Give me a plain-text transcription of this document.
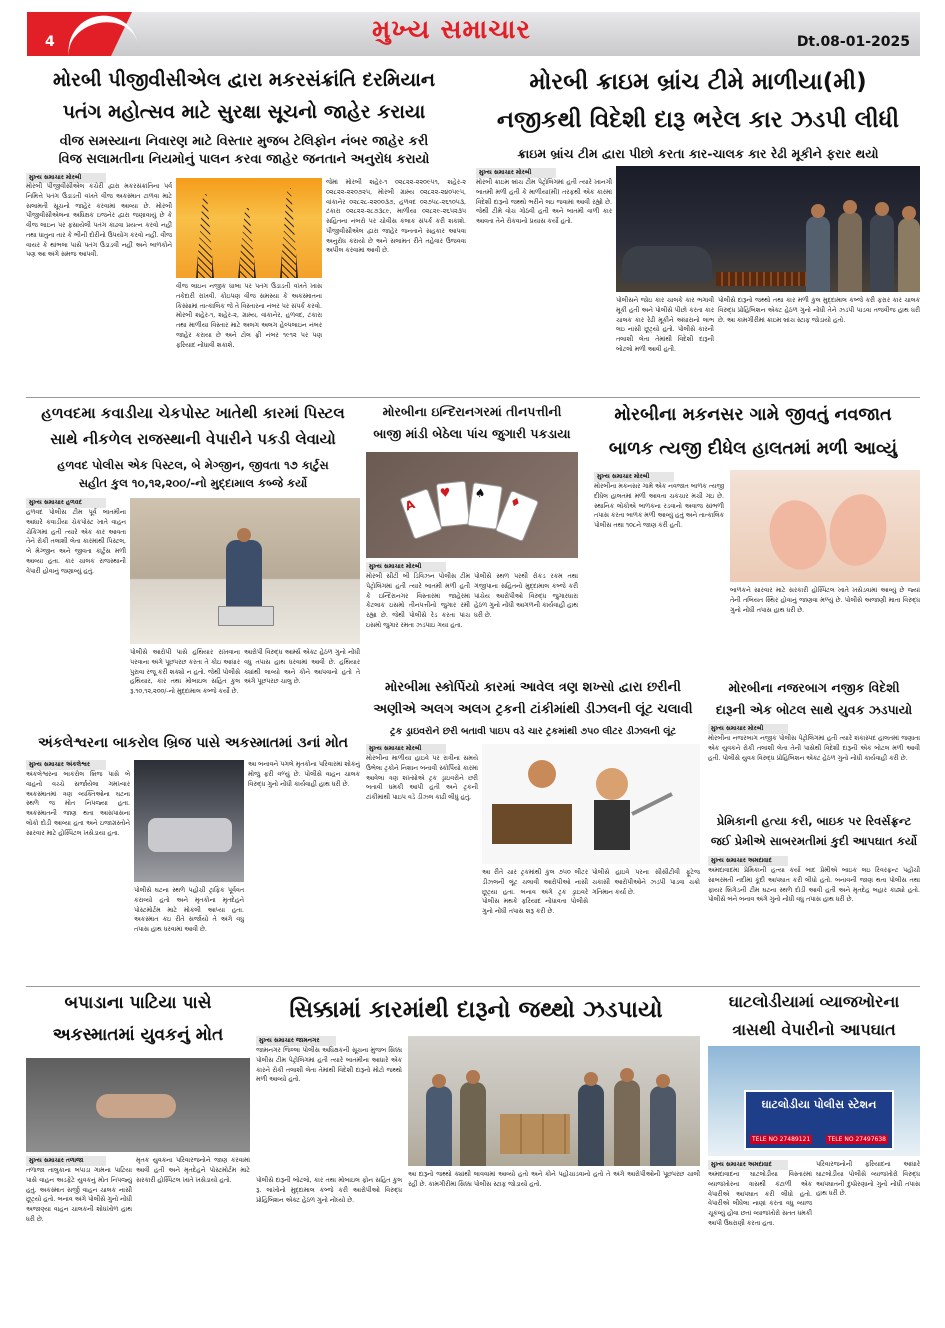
4	મુખ્ય સમાચાર	Dt.08-01-2025
મોરબી પીજીવીસીએલ દ્વારા મકરસંક્રાંતિ દરમિયાન
પતંગ મહોત્સવ માટે સુરક્ષા સૂચનો જાહેર કરાયા
વીજ સમસ્યાના નિવારણ માટે વિસ્તાર મુજબ ટેલિફોન નંબર જાહેર કરી
વિજ સલામતીના નિયમોનું પાલન કરવા જાહેર જનતાને અનુરોધ કરાયો
મુખ્ય સમાચાર મોરબી
મોરબી પીજીવીસીએલ કચેરી દ્વારા મકરસંક્રાંતિના પર્વ નિમિત્તે પતંગ ઉડાડતી વખતે વીજ અકસ્માત ટાળવા માટે સલામતી સૂચનો જાહેર કરવામાં આવ્યા છે. મોરબી પીજીવીસીએલના અધિક્ષક ઇજનેર દ્વારા જણાવાયું છે કે વીજ લાઇન પર ફસાયેલી પતંગ કાઢવા પ્રયત્ન કરવો નહીં તથા ધાતુના તાર કે ભીની દોરીનો ઉપયોગ કરવો નહીં. વીજ વાયર કે થાંભલા પાસે પતંગ ઉડાડવી નહીં અને બાળકોને પણ આ અંગે સમજ આપવી.
વીજ લાઇન નજીક ધાબા પર પતંગ ઉડાડતી વખતે ખાસ તકેદારી રાખવી. કોઇપણ વીજ સમસ્યા કે અકસ્માતના કિસ્સામાં તાત્કાલિક જે તે વિસ્તારના નંબર પર સંપર્ક કરવો. મોરબી શહેર-૧, શહેર-૨, ગ્રામ્ય, વાંકાનેર, હળવદ, ટંકારા તથા માળીયા વિસ્તાર માટે અલગ અલગ હેલ્પલાઇન નંબર જાહેર કરાયા છે અને ટોલ ફ્રી નંબર ૧૯૧૨ પર પણ ફરિયાદ નોંધાવી શકાશે.
જેમાં મોરબી શહેર-૧ ૦૨૮૨૨-૨૨૦૯૫૧, શહેર-૨ ૦૨૮૨૨-૨૨૦૭૨૫, મોરબી ગ્રામ્ય ૦૨૮૨૨-૨૪૦૫૯૫, વાંકાનેર ૦૨૮૨૮-૨૨૦૦૩૭, હળવદ ૦૨૭૫૮-૨૬૧૦૫૩, ટંકારા ૦૨૮૨૨-૨૮૭૩૮૯, માળીયા ૦૨૮૨૯-૨૬૫૨૩૫ સહિતના નંબરો પર ચોવીસ કલાક સંપર્ક કરી શકાશે. પીજીવીસીએલ દ્વારા જાહેર જનતાને સહકાર આપવા અનુરોધ કરાયો છે અને સલામત રીતે તહેવાર ઉજવવા અપીલ કરવામાં આવી છે.
મોરબી ક્રાઇમ બ્રાંચ ટીમે માળીયા(મી)
નજીકથી વિદેશી દારૂ ભરેલ કાર ઝડપી લીધી
ક્રાઇમ બ્રાંચ ટીમ દ્વારા પીછો કરતા કાર-ચાલક કાર રેઢી મૂકીને ફરાર થયો
મુખ્ય સમાચાર મોરબી
મોરબી ક્રાઇમ બ્રાંચ ટીમ પેટ્રોલિંગમાં હતી ત્યારે ખાનગી બાતમી મળી હતી કે માળીયા(મી) તરફથી એક કારમાં વિદેશી દારૂનો જથ્થો ભરીને લઇ જવામાં આવી રહ્યો છે. જેથી ટીમે વોચ ગોઠવી હતી અને બાતમી વાળી કાર આવતા તેને રોકવાનો પ્રયાસ કર્યો હતો.
પોલીસને જોઇ કાર ચાલકે કાર ભગાવી મૂકી હતી અને પોલીસે પીછો કરતા કાર ચાલક કાર રેઢી મૂકીને અંધારાનો લાભ લઇ નાસી છૂટ્યો હતો. પોલીસે કારની તલાશી લેતા તેમાંથી વિદેશી દારૂની બોટલો મળી આવી હતી.
પોલીસે દારૂનો જથ્થો તથા કાર મળી કુલ મુદ્દામાલ કબ્જે કરી ફરાર કાર ચાલક વિરુદ્ધ પ્રોહિબિશન એક્ટ હેઠળ ગુનો નોંધી તેને ઝડપી પાડવા તજવીજ હાથ ધરી છે. આ કામગીરીમાં ક્રાઇમ બ્રાંચ સ્ટાફ જોડાયો હતો.
હળવદમા કવાડીયા ચેકપોસ્ટ ખાતેથી કારમાં પિસ્ટલ
સાથે નીકળેલ રાજસ્થાની વેપારીને પકડી લેવાયો
હળવદ પોલીસ એક પિસ્ટલ, બે મેગ્જીન, જીવતા ૧૭ કાર્ટુસ
સહીત કુલ ૧૦,૧૨,૨૦૦/-નો મુદ્દામાલ કબ્જે કર્યો
મુખ્ય સમાચાર હળવદ
હળવદ પોલીસ ટીમ પૂર્વ બાતમીના આધારે કવાડીયા ચેકપોસ્ટ ખાતે વાહન ચેકિંગમાં હતી ત્યારે એક કાર આવતા તેને રોકી તલાશી લેતા કારમાંથી પિસ્ટલ, બે મેગ્જીન અને જીવતા કાર્ટુસ મળી આવ્યા હતા. કાર ચાલક રાજસ્થાની વેપારી હોવાનું જણાવ્યું હતું.
પોલીસે આરોપી પાસે હથિયાર રાખવાના પરવાના અંગે પૂછપરછ કરતા તે કોઇ આધાર પુરાવા રજૂ કરી શક્યો ન હતો. જેથી પોલીસે હથિયાર, કાર તથા મોબાઇલ સહિત કુલ રૂ.૧૦,૧૨,૨૦૦/-નો મુદ્દામાલ કબ્જે કર્યો છે.
આરોપી વિરુદ્ધ આર્મ્સ એક્ટ હેઠળ ગુનો નોંધી વધુ તપાસ હાથ ધરવામાં આવી છે. હથિયાર ક્યાંથી લાવ્યો અને કોને આપવાનો હતો તે અંગે પૂછપરછ ચાલુ છે.
મોરબીના ઇન્દિરાનગરમાં તીનપત્તીની
બાજી માંડી બેઠેલા પાંચ જુગારી પકડાયા
A
♥	♠
♦
મુખ્ય સમાચાર મોરબી
મોરબી સીટી બી ડિવિઝન પોલીસ ટીમ પેટ્રોલિંગમાં હતી ત્યારે બાતમી મળી હતી કે ઇન્દિરાનગર વિસ્તારમાં જાહેરમાં કેટલાક ઇસમો તીનપત્તીનો જુગાર રમી રહ્યા છે. જેથી પોલીસે રેડ કરતા પાંચ ઇસમો જુગાર રમતા ઝડપાઇ ગયા હતા.
પોલીસે સ્થળ પરથી રોકડ રકમ તથા ગંજીપાના સહિતનો મુદ્દામાલ કબ્જે કરી પાંચેય આરોપીઓ વિરુદ્ધ જુગારધારા હેઠળ ગુનો નોંધી આગળની કાર્યવાહી હાથ ધરી છે.
મોરબીના મકનસર ગામે જીવતું નવજાત
બાળક ત્યજી દીધેલ હાલતમાં મળી આવ્યું
મુખ્ય સમાચાર મોરબી
મોરબીના મકનસર ગામે એક નવજાત બાળક ત્યજી દીધેલ હાલતમાં મળી આવતા ચકચાર મચી ગઇ છે. સ્થાનિક લોકોએ બાળકના રડવાનો અવાજ સાંભળી તપાસ કરતા બાળક મળી આવ્યું હતું અને તાત્કાલિક પોલીસ તથા ૧૦૮ને જાણ કરી હતી.
બાળકને સારવાર માટે સરકારી હોસ્પિટલ ખાતે ખસેડવામાં આવ્યું છે જ્યાં તેની તબિયત સ્થિર હોવાનું જાણવા મળ્યું છે. પોલીસે અજાણી માતા વિરુદ્ધ ગુનો નોંધી તપાસ હાથ ધરી છે.
મોરબીમા સ્કોર્પિયો કારમાં આવેલ ત્રણ શખ્સો દ્વારા છરીની
અણીએ અલગ અલગ ટ્રકની ટાંકીમાંથી ડીઝલની લૂંટ ચલાવી
ટ્રક ડ્રાઇવરોને છરી બતાવી પાઇપ વડે ચાર ટ્રકમાંથી ૭૫૦ લીટર ડીઝલની લૂંટ
મુખ્ય સમાચાર મોરબી
મોરબીના માળીયા હાઇવે પર રાત્રીના સમયે ઉભેલા ટ્રકોને નિશાન બનાવી સ્કોર્પિયો કારમાં આવેલા ત્રણ શખ્સોએ ટ્રક ડ્રાઇવરોને છરી બતાવી ધમકી આપી હતી અને ટ્રકની ટાંકીમાંથી પાઇપ વડે ડીઝલ કાઢી લીધું હતું.
આ રીતે ચાર ટ્રકમાંથી કુલ ૭૫૦ લીટર ડીઝલની લૂંટ ચલાવી આરોપીઓ નાસી છૂટ્યા હતા. બનાવ અંગે ટ્રક ડ્રાઇવરે પોલીસ મથકે ફરિયાદ નોંધાવતા પોલીસે ગુનો નોંધી તપાસ શરૂ કરી છે.
પોલીસે હાઇવે પરના સીસીટીવી ફૂટેજ ચકાસી આરોપીઓને ઝડપી પાડવા ચક્રો ગતિમાન કર્યા છે.
મોરબીના નજરબાગ નજીક વિદેશી
દારૂની એક બોટલ સાથે યુવક ઝડપાયો
મુખ્ય સમાચાર મોરબી
મોરબીના નજરબાગ નજીક પોલીસ પેટ્રોલિંગમાં હતી ત્યારે શંકાસ્પદ હાલતમાં જણાતા એક યુવકને રોકી તલાશી લેતા તેની પાસેથી વિદેશી દારૂની એક બોટલ મળી આવી હતી. પોલીસે યુવક વિરુદ્ધ પ્રોહિબિશન એક્ટ હેઠળ ગુનો નોંધી કાર્યવાહી કરી છે.
પ્રેમિકાની હત્યા કરી, બાઇક પર રિવર્સફ્રન્ટ
જઈ પ્રેમીએ સાબરમતીમાં કુદી આપઘાત કર્યો
મુખ્ય સમાચાર અમદાવાદ
અમદાવાદમાં પ્રેમિકાની હત્યા કર્યા બાદ પ્રેમીએ બાઇક લઇ રિવરફ્રન્ટ પહોંચી સાબરમતી નદીમાં કૂદી આપઘાત કરી લીધો હતો. બનાવની જાણ થતા પોલીસ તથા ફાયર બ્રિગેડની ટીમ ઘટના સ્થળે દોડી આવી હતી અને મૃતદેહ બહાર કાઢ્યો હતો. પોલીસે બંને બનાવ અંગે ગુનો નોંધી વધુ તપાસ હાથ ધરી છે.
અંકલેશ્વરના બાકરોલ બ્રિજ પાસે અકસ્માતમાં ૩નાં મોત
મુખ્ય સમાચાર અંકલેશ્વર
અંકલેશ્વરના બાકરોલ બ્રિજ પાસે બે વાહનો વચ્ચે સર્જાયેલા ગમખ્વાર અકસ્માતમાં ત્રણ વ્યક્તિઓના ઘટના સ્થળે જ મોત નિપજ્યા હતા. અકસ્માતની જાણ થતા આસપાસના લોકો દોડી આવ્યા હતા અને ઇજાગ્રસ્તોને સારવાર માટે હોસ્પિટલ ખસેડાયા હતા.
પોલીસે ઘટના સ્થળે પહોંચી ટ્રાફિક પૂર્વવત કરાવ્યો હતો અને મૃતકોના મૃતદેહને પોસ્ટમોર્ટમ માટે મોકલી આપ્યા હતા. અકસ્માત કઇ રીતે સર્જાયો તે અંગે વધુ તપાસ હાથ ધરવામાં આવી છે.
આ બનાવને પગલે મૃતકોના પરિવારમાં શોકનું મોજું ફરી વળ્યું છે. પોલીસે વાહન ચાલક વિરુદ્ધ ગુનો નોંધી કાર્યવાહી હાથ ધરી છે.
બપાડાના પાટિયા પાસે
અકસ્માતમાં યુવકનું મોત
મુખ્ય સમાચાર તળાજા
તળાજા તાલુકાના બપાડા ગામના પાટિયા પાસે વાહન અડફેટે યુવકનું મોત નિપજ્યું હતું. અકસ્માત સર્જી વાહન ચાલક નાસી છૂટ્યો હતો. બનાવ અંગે પોલીસે ગુનો નોંધી અજાણ્યા વાહન ચાલકની શોધખોળ હાથ ધરી છે.
મૃતક યુવકના પરિવારજનોને જાણ કરવામાં આવી હતી અને મૃતદેહને પોસ્ટમોર્ટમ માટે સરકારી હોસ્પિટલ ખાતે ખસેડાયો હતો.
સિક્કામાં કારમાંથી દારૂનો જથ્થો ઝડપાયો
મુખ્ય સમાચાર જામનગર
જામનગર જિલ્લા પોલીસ અધિક્ષકની સૂચના મુજબ સિક્કા પોલીસ ટીમ પેટ્રોલિંગમાં હતી ત્યારે બાતમીના આધારે એક કારને રોકી તલાશી લેતા તેમાંથી વિદેશી દારૂનો મોટો જથ્થો મળી આવ્યો હતો.
પોલીસે દારૂની બોટલો, કાર તથા મોબાઇલ ફોન સહિત કુલ રૂ. લાખોનો મુદ્દામાલ કબ્જે કરી આરોપીઓ વિરુદ્ધ પ્રોહિબિશન એક્ટ હેઠળ ગુનો નોંધ્યો છે.
આ દારૂનો જથ્થો ક્યાંથી લાવવામાં આવ્યો હતો અને કોને પહોંચાડવાનો હતો તે અંગે આરોપીઓની પૂછપરછ ચાલી રહી છે. કામગીરીમાં સિક્કા પોલીસ સ્ટાફ જોડાયો હતો.
ઘાટલોડીયામાં વ્યાજખોરના
ત્રાસથી વેપારીનો આપઘાત
ઘાટલોડીયા પોલીસ સ્ટેશન
TELE NO 27489121	TELE NO 27497638
મુખ્ય સમાચાર અમદાવાદ
અમદાવાદના ઘાટલોડીયા વિસ્તારમાં વ્યાજખોરના ત્રાસથી કંટાળી એક વેપારીએ આપઘાત કરી લીધો હતો. વેપારીએ લીધેલા નાણાં કરતા વધુ વ્યાજ ચૂકવ્યું હોવા છતાં વ્યાજખોરો સતત ધમકી આપી ઉઘરાણી કરતા હતા.
પરિવારજનોની ફરિયાદના આધારે ઘાટલોડીયા પોલીસે વ્યાજખોરો વિરુદ્ધ આપઘાતની દુષ્પ્રેરણાનો ગુનો નોંધી તપાસ હાથ ધરી છે.
